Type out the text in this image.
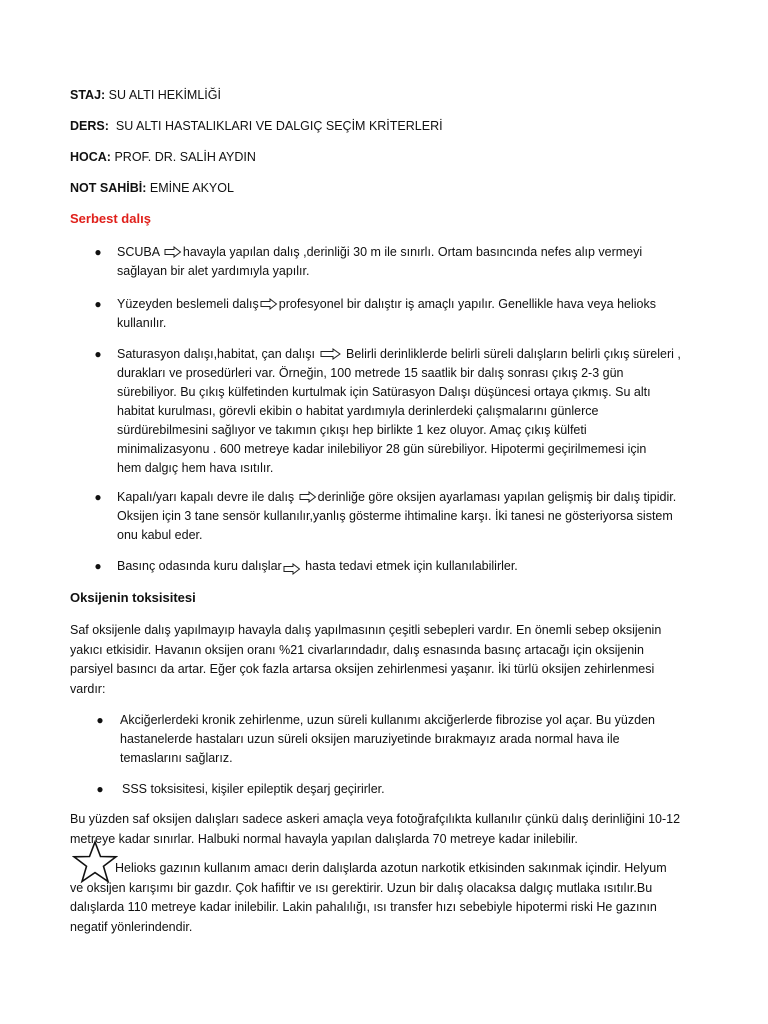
STAJ: SU ALTI HEKİMLİĞİ

DERS: SU ALTI HASTALIKLARI VE DALGIÇ SEÇİM KRİTERLERİ

HOCA: PROF. DR. SALİH AYDIN

NOT SAHİBİ: EMİNE AKYOL

Serbest dalış

● SCUBA havayla yapılan dalış ,derinliği 30 m ile sınırlı. Ortam basıncında nefes alıp vermeyi
sağlayan bir alet yardımıyla yapılır.
● Yüzeyden beslemeli dalış profesyonel bir dalıştır iş amaçlı yapılır. Genellikle hava veya helioks
kullanılır.
● Saturasyon dalışı,habitat, çan dalışı Belirli derinliklerde belirli süreli dalışların belirli çıkış süreleri ,
durakları ve prosedürleri var. Örneğin, 100 metrede 15 saatlik bir dalış sonrası çıkış 2-3 gün
sürebiliyor. Bu çıkış külfetinden kurtulmak için Satürasyon Dalışı düşüncesi ortaya çıkmış. Su altı
habitat kurulması, görevli ekibin o habitat yardımıyla derinlerdeki çalışmalarını günlerce
sürdürebilmesini sağlıyor ve takımın çıkışı hep birlikte 1 kez oluyor. Amaç çıkış külfeti
minimalizasyonu . 600 metreye kadar inilebiliyor 28 gün sürebiliyor. Hipotermi geçirilmemesi için
hem dalgıç hem hava ısıtılır.
● Kapalı/yarı kapalı devre ile dalış derinliğe göre oksijen ayarlaması yapılan gelişmiş bir dalış tipidir.
Oksijen için 3 tane sensör kullanılır,yanlış gösterme ihtimaline karşı. İki tanesi ne gösteriyorsa sistem
onu kabul eder.
● Basınç odasında kuru dalışlar hasta tedavi etmek için kullanılabilirler.

Oksijenin toksisitesi

Saf oksijenle dalış yapılmayıp havayla dalış yapılmasının çeşitli sebepleri vardır. En önemli sebep oksijenin
yakıcı etkisidir. Havanın oksijen oranı %21 civarlarındadır, dalış esnasında basınç artacağı için oksijenin
parsiyel basıncı da artar. Eğer çok fazla artarsa oksijen zehirlenmesi yaşanır. İki türlü oksijen zehirlenmesi
vardır:
● Akciğerlerdeki kronik zehirlenme, uzun süreli kullanımı akciğerlerde fibrozise yol açar. Bu yüzden
hastanelerde hastaları uzun süreli oksijen maruziyetinde bırakmayız arada normal hava ile
temaslarını sağlarız.
● SSS toksisitesi, kişiler epileptik deşarj geçirirler.
Bu yüzden saf oksijen dalışları sadece askeri amaçla veya fotoğrafçılıkta kullanılır çünkü dalış derinliğini 10-12
metreye kadar sınırlar. Halbuki normal havayla yapılan dalışlarda 70 metreye kadar inilebilir.
Helioks gazının kullanım amacı derin dalışlarda azotun narkotik etkisinden sakınmak içindir. Helyum
ve oksijen karışımı bir gazdır. Çok hafiftir ve ısı gerektirir. Uzun bir dalış olacaksa dalgıç mutlaka ısıtılır.Bu
dalışlarda 110 metreye kadar inilebilir. Lakin pahalılığı, ısı transfer hızı sebebiyle hipotermi riski He gazının
negatif yönlerindendir.
